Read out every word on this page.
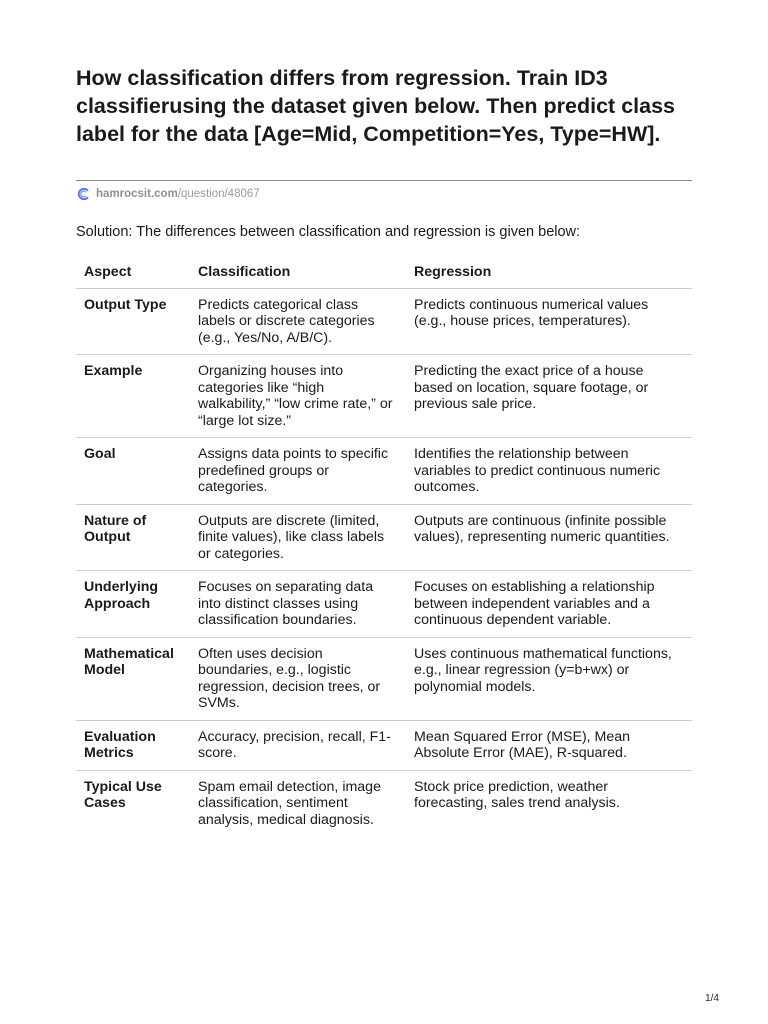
How classification differs from regression. Train ID3 classifierusing the dataset given below. Then predict class label for the data [Age=Mid, Competition=Yes, Type=HW].
hamrocsit.com /question/48067
Solution: The differences between classification and regression is given below:
Aspect	Classification	Regression
Output Type	Predicts categorical class labels or discrete categories (e.g., Yes/No, A/B/C).	Predicts continuous numerical values (e.g., house prices, temperatures).
Example	Organizing houses into categories like “high walkability,” “low crime rate,” or “large lot size.”	Predicting the exact price of a house based on location, square footage, or previous sale price.
Goal	Assigns data points to specific predefined groups or categories.	Identifies the relationship between variables to predict continuous numeric outcomes.
Nature of Output	Outputs are discrete (limited, finite values), like class labels or categories.	Outputs are continuous (infinite possible values), representing numeric quantities.
Underlying Approach	Focuses on separating data into distinct classes using classification boundaries.	Focuses on establishing a relationship between independent variables and a continuous dependent variable.
Mathematical Model	Often uses decision boundaries, e.g., logistic regression, decision trees, or SVMs.	Uses continuous mathematical functions, e.g., linear regression (y=b+wx) or polynomial models.
Evaluation Metrics	Accuracy, precision, recall, F1-score.	Mean Squared Error (MSE), Mean Absolute Error (MAE), R-squared.
Typical Use Cases	Spam email detection, image classification, sentiment analysis, medical diagnosis.	Stock price prediction, weather forecasting, sales trend analysis.
1/4
